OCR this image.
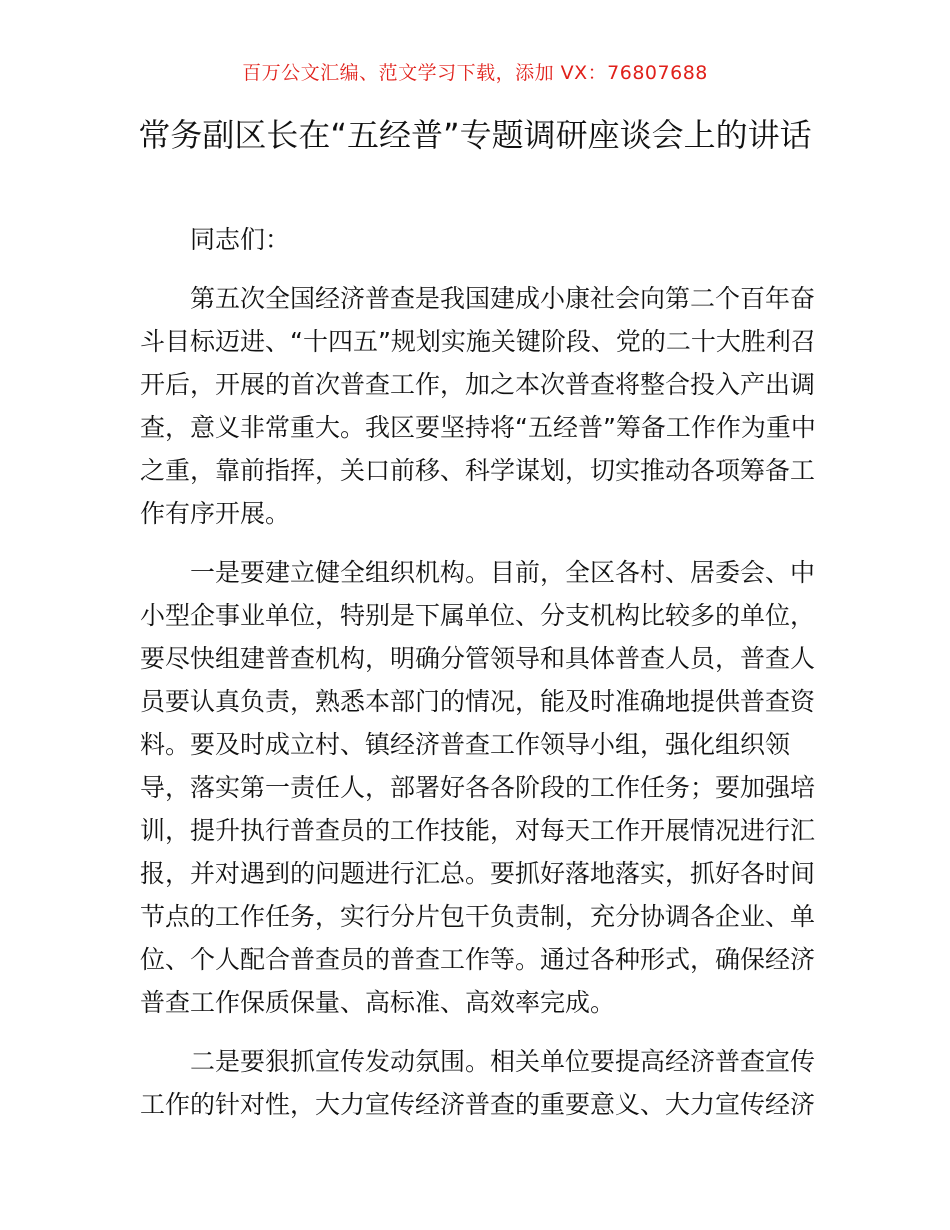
百万公文汇编、范文学习下载，添加 VX：76807688
常务副区长在“五经普”专题调研座谈会上的讲话

同志们：

第五次全国经济普查是我国建成小康社会向第二个百年奋斗目标迈进、“十四五”规划实施关键阶段、党的二十大胜利召开后，开展的首次普查工作，加之本次普查将整合投入产出调查，意义非常重大。我区要坚持将“五经普”筹备工作作为重中之重，靠前指挥，关口前移、科学谋划，切实推动各项筹备工作有序开展。

一是要建立健全组织机构。目前，全区各村、居委会、中小型企事业单位，特别是下属单位、分支机构比较多的单位，要尽快组建普查机构，明确分管领导和具体普查人员，普查人员要认真负责，熟悉本部门的情况，能及时准确地提供普查资料。要及时成立村、镇经济普查工作领导小组，强化组织领导，落实第一责任人，部署好各各阶段的工作任务；要加强培训，提升执行普查员的工作技能，对每天工作开展情况进行汇报，并对遇到的问题进行汇总。要抓好落地落实，抓好各时间节点的工作任务，实行分片包干负责制，充分协调各企业、单位、个人配合普查员的普查工作等。通过各种形式，确保经济普查工作保质保量、高标准、高效率完成。

二是要狠抓宣传发动氛围。相关单位要提高经济普查宣传工作的针对性，大力宣传经济普查的重要意义、大力宣传经济
